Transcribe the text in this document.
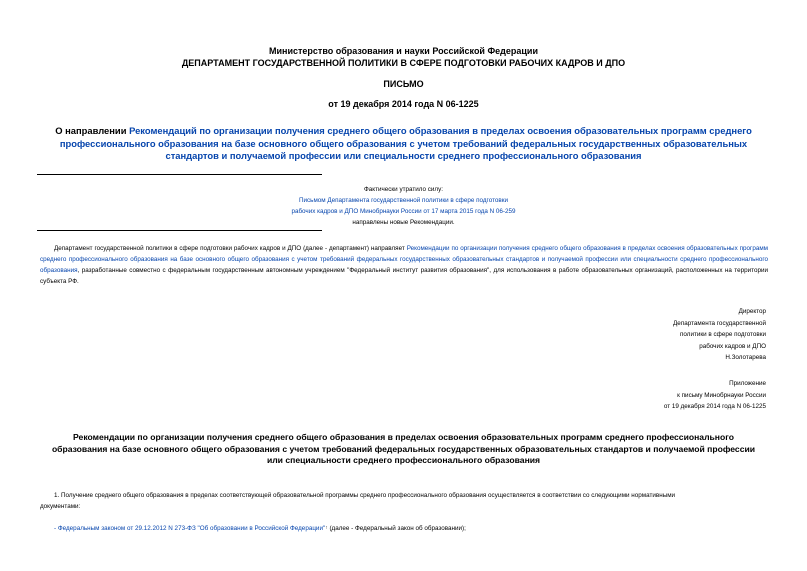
Министерство образования и науки Российской Федерации
ДЕПАРТАМЕНТ ГОСУДАРСТВЕННОЙ ПОЛИТИКИ В СФЕРЕ ПОДГОТОВКИ РАБОЧИХ КАДРОВ И ДПО
ПИСЬМО
от 19 декабря 2014 года N 06-1225
О направлении Рекомендаций по организации получения среднего общего образования в пределах освоения образовательных программ среднего профессионального образования на базе основного общего образования с учетом требований федеральных государственных образовательных стандартов и получаемой профессии или специальности среднего профессионального образования
Фактически утратило силу:
Письмом Департамента государственной политики в сфере подготовки
рабочих кадров и ДПО Минобрнауки России от 17 марта 2015 года N 06-259
направлены новые Рекомендации.
Департамент государственной политики в сфере подготовки рабочих кадров и ДПО (далее - департамент) направляет Рекомендации по организации получения среднего общего образования в пределах освоения образовательных программ среднего профессионального образования на базе основного общего образования с учетом требований федеральных государственных образовательных стандартов и получаемой профессии или специальности среднего профессионального образования, разработанные совместно с федеральным государственным автономным учреждением "Федеральный институт развития образования", для использования в работе образовательных организаций, расположенных на территории субъекта РФ.
Директор
Департамента государственной
политики в сфере подготовки
рабочих кадров и ДПО
Н.Золотарева
Приложение
к письму Минобрнауки России
от 19 декабря 2014 года N 06-1225
Рекомендации по организации получения среднего общего образования в пределах освоения образовательных программ среднего профессионального
образования на базе основного общего образования с учетом требований федеральных государственных образовательных стандартов и получаемой профессии
или специальности среднего профессионального образования
1. Получение среднего общего образования в пределах соответствующей образовательной программы среднего профессионального образования осуществляется в соответствии со следующими нормативными
документами:
- Федеральным законом от 29.12.2012 N 273-ФЗ "Об образовании в Российской Федерации"↑ (далее - Федеральный закон об образовании);
